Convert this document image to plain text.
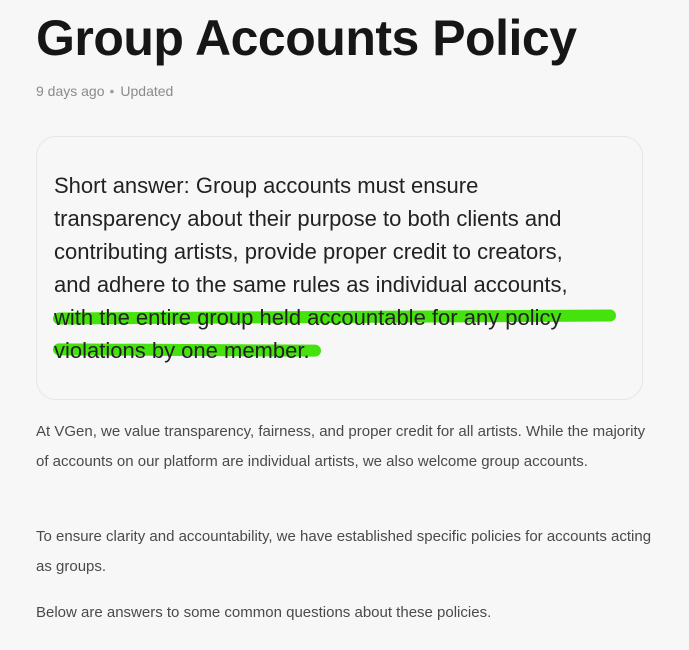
Group Accounts Policy
9 days ago • Updated
Short answer: Group accounts must ensure
transparency about their purpose to both clients and
contributing artists, provide proper credit to creators,
and adhere to the same rules as individual accounts,
with the entire group held accountable for any policy
violations by one member.

At VGen, we value transparency, fairness, and proper credit for all artists. While the majority of accounts on our platform are individual artists, we also welcome group accounts.

To ensure clarity and accountability, we have established specific policies for accounts acting as groups.

Below are answers to some common questions about these policies.
